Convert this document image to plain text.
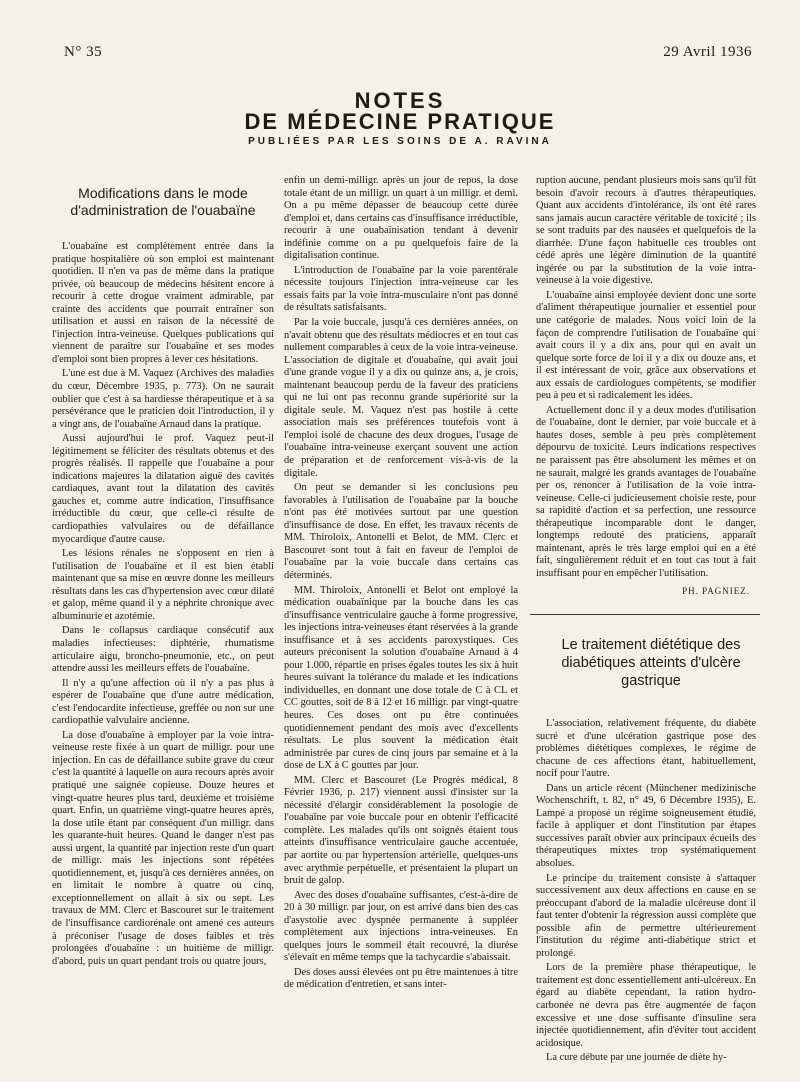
N° 35	29 Avril 1936
NOTES
DE MÉDECINE PRATIQUE
PUBLIÉES PAR LES SOINS DE A. RAVINA
Modifications dans le mode d'administration de l'ouabaïne

L'ouabaïne est complètement entrée dans la pratique hospitalière où son emploi est maintenant quotidien. Il n'en va pas de même dans la pratique privée, où beaucoup de médecins hésitent encore à recourir à cette drogue vraiment admirable, par crainte des accidents que pourrait entraîner son utilisation et aussi en raison de la nécessité de l'injection intra-veineuse. Quelques publications qui viennent de paraître sur l'ouabaïne et ses modes d'emploi sont bien propres à lever ces hésitations.

L'une est due à M. Vaquez (Archives des maladies du cœur, Décembre 1935, p. 773). On ne saurait oublier que c'est à sa hardiesse thérapeutique et à sa persévérance que le praticien doit l'introduction, il y a vingt ans, de l'ouabaïne Arnaud dans la pratique.

Aussi aujourd'hui le prof. Vaquez peut-il légitimement se féliciter des résultats obtenus et des progrès réalisés. Il rappelle que l'ouabaïne a pour indications majeures la dilatation aiguë des cavités cardiaques, avant tout la dilatation des cavités gauches et, comme autre indication, l'insuffisance irréductible du cœur, que celle-ci résulte de cardiopathies valvulaires ou de défaillance myocardique d'autre cause.

Les lésions rénales ne s'opposent en rien à l'utilisation de l'ouabaïne et il est bien établi maintenant que sa mise en œuvre donne les meilleurs résultats dans les cas d'hypertension avec cœur dilaté et galop, même quand il y a néphrite chronique avec albuminurie et azotémie.

Dans le collapsus cardiaque consécutif aux maladies infectieuses: diphtérie, rhumatisme articulaire aigu, broncho-pneumonie, etc., on peut attendre aussi les meilleurs effets de l'ouabaïne.

Il n'y a qu'une affection où il n'y a pas plus à espérer de l'ouabaïne que d'une autre médication, c'est l'endocardite infectieuse, greffée ou non sur une cardiopathie valvulaire ancienne.

La dose d'ouabaïne à employer par la voie intra-veineuse reste fixée à un quart de milligr. pour une injection. En cas de défaillance subite grave du cœur c'est la quantité à laquelle on aura recours après avoir pratiqué une saignée copieuse. Douze heures et vingt-quatre heures plus tard, deuxième et troisième quart. Enfin, un quatrième vingt-quatre heures après, la dose utile étant par conséquent d'un milligr. dans les quarante-huit heures. Quand le danger n'est pas aussi urgent, la quantité par injection reste d'un quart de milligr. mais les injections sont répétées quotidiennement, et, jusqu'à ces dernières années, on en limitait le nombre à quatre ou cinq, exceptionnellement on allait à six ou sept. Les travaux de MM. Clerc et Bascouret sur le traitement de l'insuffisance cardiorénale ont amené ces auteurs à préconiser l'usage de doses faibles et très prolongées d'ouabaïne : un huitième de milligr. d'abord, puis un quart pendant trois ou quatre jours,

enfin un demi-milligr. après un jour de repos, la dose totale étant de un milligr. un quart à un milligr. et demi. On a pu même dépasser de beaucoup cette durée d'emploi et, dans certains cas d'insuffisance irréductible, recourir à une ouabaïnisation tendant à devenir indéfinie comme on a pu quelquefois faire de la digitalisation continue.

L'introduction de l'ouabaïne par la voie parentérale nécessite toujours l'injection intra-veineuse car les essais faits par la voie intra-musculaire n'ont pas donné de résultats satisfaisants.

Par la voie buccale, jusqu'à ces dernières années, on n'avait obtenu que des résultats médiocres et en tout cas nullement comparables à ceux de la voie intra-veineuse. L'association de digitale et d'ouabaïne, qui avait joui d'une grande vogue il y a dix ou quinze ans, a, je crois, maintenant beaucoup perdu de la faveur des praticiens qui ne lui ont pas reconnu grande supériorité sur la digitale seule. M. Vaquez n'est pas hostile à cette association mais ses préférences toutefois vont à l'emploi isolé de chacune des deux drogues, l'usage de l'ouabaïne intra-veineuse exerçant souvent une action de préparation et de renforcement vis-à-vis de la digitale.

On peut se demander si les conclusions peu favorables à l'utilisation de l'ouabaïne par la bouche n'ont pas été motivées surtout par une question d'insuffisance de dose. En effet, les travaux récents de MM. Thiroloix, Antonelli et Belot, de MM. Clerc et Bascouret sont tout à fait en faveur de l'emploi de l'ouabaïne par la voie buccale dans certains cas déterminés.

MM. Thiroloix, Antonelli et Belot ont employé la médication ouabaïnique par la bouche dans les cas d'insuffisance ventriculaire gauche à forme progressive, les injections intra-veineuses étant réservées à la grande insuffisance et à ses accidents paroxystiques. Ces auteurs préconisent la solution d'ouabaïne Arnaud à 4 pour 1.000, répartie en prises égales toutes les six à huit heures suivant la tolérance du malade et les indications individuelles, en donnant une dose totale de C à CL et CC gouttes, soit de 8 à 12 et 16 milligr. par vingt-quatre heures. Ces doses ont pu être continuées quotidiennement pendant des mois avec d'excellents résultats. Le plus souvent la médication était administrée par cures de cinq jours par semaine et à la dose de LX à C gouttes par jour.

MM. Clerc et Bascouret (Le Progrès médical, 8 Février 1936, p. 217) viennent aussi d'insister sur la nécessité d'élargir considérablement la posologie de l'ouabaïne par voie buccale pour en obtenir l'efficacité complète. Les malades qu'ils ont soignés étaient tous atteints d'insuffisance ventriculaire gauche accentuée, par aortite ou par hypertension artérielle, quelques-uns avec arythmie perpétuelle, et présentaient la plupart un bruit de galop.

Avec des doses d'ouabaïne suffisantes, c'est-à-dire de 20 à 30 milligr. par jour, on est arrivé dans bien des cas d'asystolie avec dyspnée permanente à suppléer complètement aux injections intra-veineuses. En quelques jours le sommeil était recouvré, la diurèse s'élevait en même temps que la tachycardie s'abaissait.

Des doses aussi élevées ont pu être maintenues à titre de médication d'entretien, et sans inter-

ruption aucune, pendant plusieurs mois sans qu'il fût besoin d'avoir recours à d'autres thérapeutiques. Quant aux accidents d'intolérance, ils ont été rares sans jamais aucun caractère véritable de toxicité ; ils se sont traduits par des nausées et quelquefois de la diarrhée. D'une façon habituelle ces troubles ont cédé après une légère diminution de la quantité ingérée ou par la substitution de la voie intra-veineuse à la voie digestive.

L'ouabaïne ainsi employée devient donc une sorte d'aliment thérapeutique journalier et essentiel pour une catégorie de malades. Nous voici loin de la façon de comprendre l'utilisation de l'ouabaïne qui avait cours il y a dix ans, pour qui en avait un quelque sorte force de loi il y a dix ou douze ans, et il est intéressant de voir, grâce aux observations et aux essais de cardiologues compétents, se modifier peu à peu et si radicalement les idées.

Actuellement donc il y a deux modes d'utilisation de l'ouabaïne, dont le dernier, par voie buccale et à hautes doses, semble à peu près complètement dépourvu de toxicité. Leurs indications respectives ne paraissent pas être absolument les mêmes et on ne saurait, malgré les grands avantages de l'ouabaïne per os, renoncer à l'utilisation de la voie intra-veineuse. Celle-ci judicieusement choisie reste, pour sa rapidité d'action et sa perfection, une ressource thérapeutique incomparable dont le danger, longtemps redouté des praticiens, apparaît maintenant, après le très large emploi qui en a été fait, singulièrement réduit et en tout cas tout à fait insuffisant pour en empêcher l'utilisation.

PH. PAGNIEZ.
Le traitement diététique des diabétiques atteints d'ulcère gastrique

L'association, relativement fréquente, du diabète sucré et d'une ulcération gastrique pose des problèmes diététiques complexes, le régime de chacune de ces affections étant, habituellement, nocif pour l'autre.

Dans un article récent (Münchener medizinische Wochenschrift, t. 82, n° 49, 6 Décembre 1935), E. Lampé a proposé un régime soigneusement étudié, facile à appliquer et dont l'institution par étapes successives paraît obvier aux principaux écueils des thérapeutiques mixtes trop systématiquement absolues.

Le principe du traitement consiste à s'attaquer successivement aux deux affections en cause en se préoccupant d'abord de la maladie ulcéreuse dont il faut tenter d'obtenir la régression aussi complète que possible afin de permettre ultérieurement l'institution du régime anti-diabétique strict et prolongé.

Lors de la première phase thérapeutique, le traitement est donc essentiellement anti-ulcéreux. En égard au diabète cependant, la ration hydro-carbonée ne devra pas être augmentée de façon excessive et une dose suffisante d'insuline sera injectée quotidiennement, afin d'éviter tout accident acidosique.

La cure débute par une journée de diète hy-
